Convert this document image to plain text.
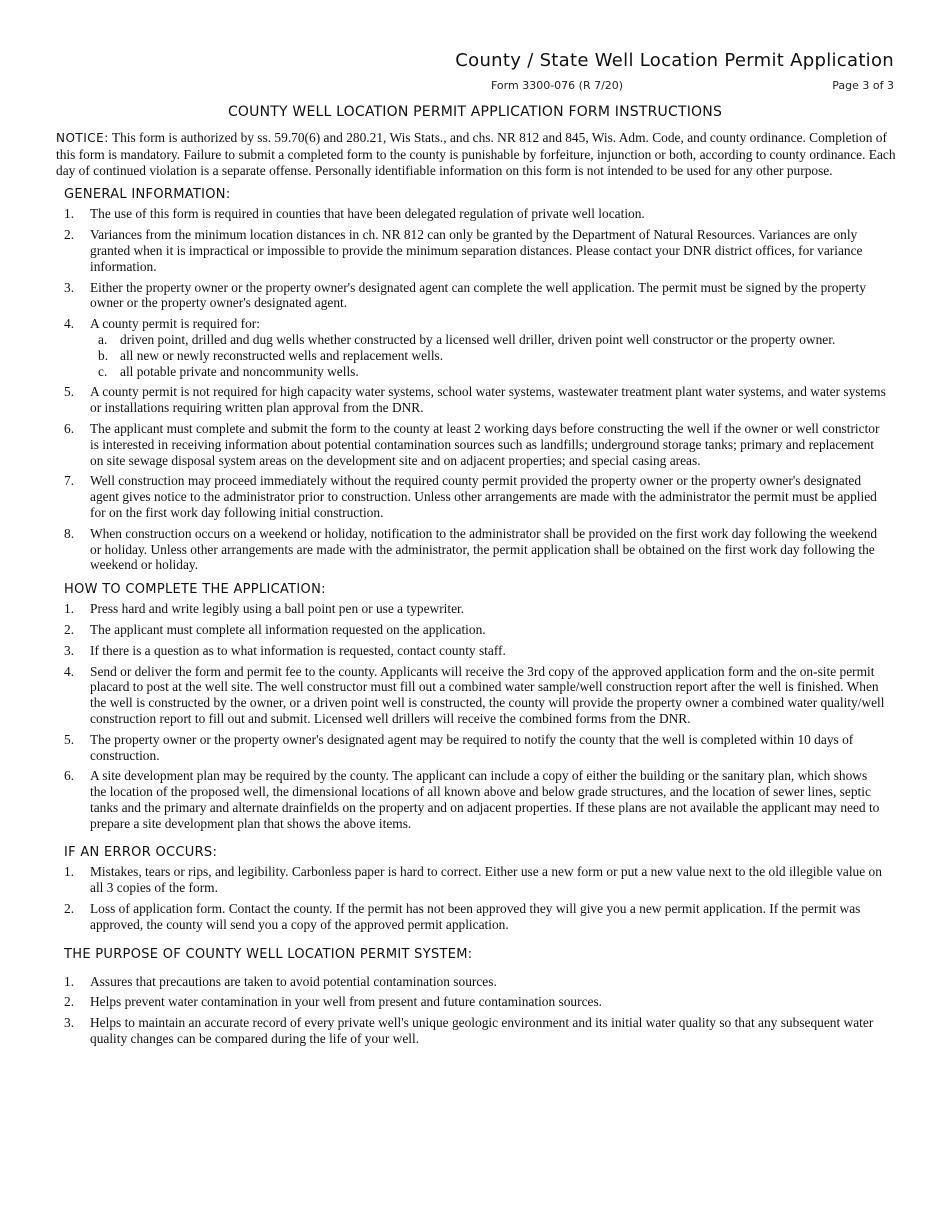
County / State Well Location Permit Application
Form 3300-076 (R 7/20)	Page 3 of 3
COUNTY WELL LOCATION PERMIT APPLICATION FORM INSTRUCTIONS

NOTICE: This form is authorized by ss. 59.70(6) and 280.21, Wis Stats., and chs. NR 812 and 845, Wis. Adm. Code, and county ordinance. Completion of this form is mandatory. Failure to submit a completed form to the county is punishable by forfeiture, injunction or both, according to county ordinance. Each day of continued violation is a separate offense. Personally identifiable information on this form is not intended to be used for any other purpose.

GENERAL INFORMATION:
1.	The use of this form is required in counties that have been delegated regulation of private well location.
2.	Variances from the minimum location distances in ch. NR 812 can only be granted by the Department of Natural Resources. Variances are only granted when it is impractical or impossible to provide the minimum separation distances. Please contact your DNR district offices, for variance information.
3.	Either the property owner or the property owner's designated agent can complete the well application. The permit must be signed by the property owner or the property owner's designated agent.
4.	A county permit is required for:
a. driven point, drilled and dug wells whether constructed by a licensed well driller, driven point well constructor or the property owner.
b. all new or newly reconstructed wells and replacement wells.
c. all potable private and noncommunity wells.
5.	A county permit is not required for high capacity water systems, school water systems, wastewater treatment plant water systems, and water systems or installations requiring written plan approval from the DNR.
6.	The applicant must complete and submit the form to the county at least 2 working days before constructing the well if the owner or well constrictor is interested in receiving information about potential contamination sources such as landfills; underground storage tanks; primary and replacement on site sewage disposal system areas on the development site and on adjacent properties; and special casing areas.
7.	Well construction may proceed immediately without the required county permit provided the property owner or the property owner's designated agent gives notice to the administrator prior to construction. Unless other arrangements are made with the administrator the permit must be applied for on the first work day following initial construction.
8.	When construction occurs on a weekend or holiday, notification to the administrator shall be provided on the first work day following the weekend or holiday. Unless other arrangements are made with the administrator, the permit application shall be obtained on the first work day following the weekend or holiday.
HOW TO COMPLETE THE APPLICATION:
1.	Press hard and write legibly using a ball point pen or use a typewriter.
2.	The applicant must complete all information requested on the application.
3.	If there is a question as to what information is requested, contact county staff.
4.	Send or deliver the form and permit fee to the county. Applicants will receive the 3rd copy of the approved application form and the on-site permit placard to post at the well site. The well constructor must fill out a combined water sample/well construction report after the well is finished. When the well is constructed by the owner, or a driven point well is constructed, the county will provide the property owner a combined water quality/well construction report to fill out and submit. Licensed well drillers will receive the combined forms from the DNR.
5.	The property owner or the property owner's designated agent may be required to notify the county that the well is completed within 10 days of construction.
6.	A site development plan may be required by the county. The applicant can include a copy of either the building or the sanitary plan, which shows the location of the proposed well, the dimensional locations of all known above and below grade structures, and the location of sewer lines, septic tanks and the primary and alternate drainfields on the property and on adjacent properties. If these plans are not available the applicant may need to prepare a site development plan that shows the above items.
IF AN ERROR OCCURS:
1.	Mistakes, tears or rips, and legibility. Carbonless paper is hard to correct. Either use a new form or put a new value next to the old illegible value on all 3 copies of the form.
2.	Loss of application form. Contact the county. If the permit has not been approved they will give you a new permit application. If the permit was approved, the county will send you a copy of the approved permit application.
THE PURPOSE OF COUNTY WELL LOCATION PERMIT SYSTEM:
1.	Assures that precautions are taken to avoid potential contamination sources.
2.	Helps prevent water contamination in your well from present and future contamination sources.
3.	Helps to maintain an accurate record of every private well's unique geologic environment and its initial water quality so that any subsequent water quality changes can be compared during the life of your well.
